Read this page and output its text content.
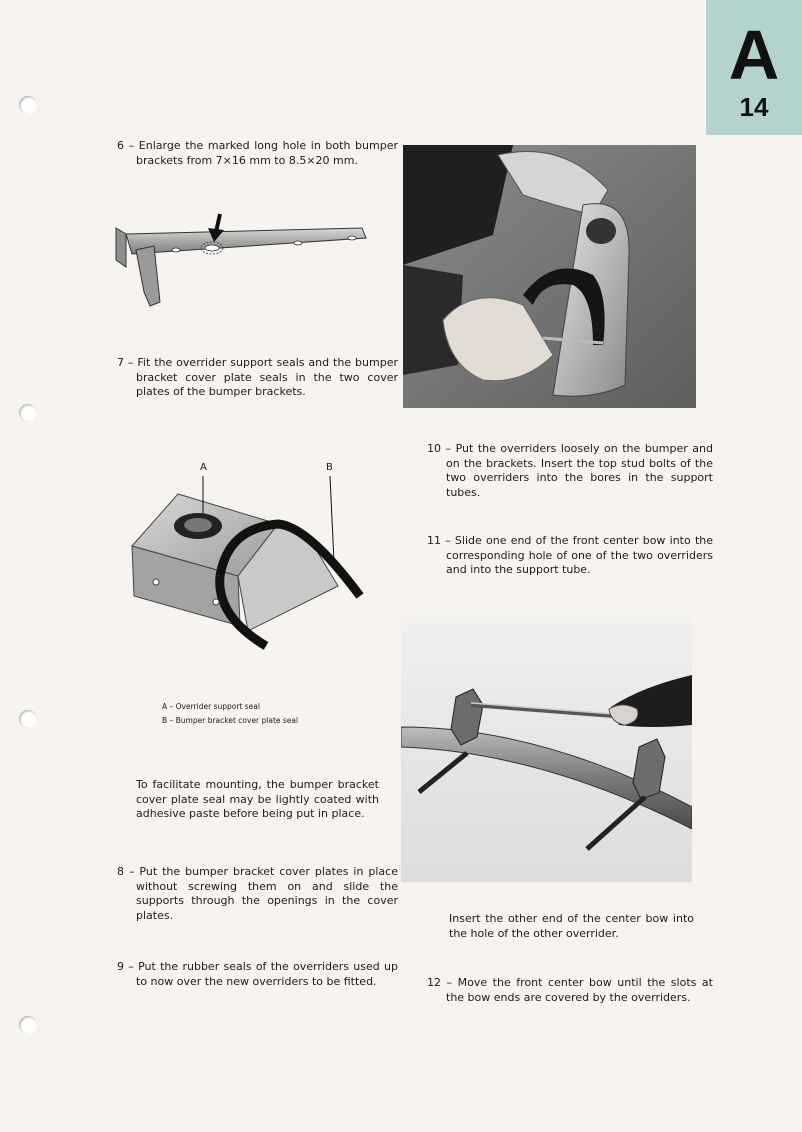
A
14
6 – Enlarge the marked long hole in both bumper brackets from 7×16 mm to 8.5×20 mm.
7 – Fit the overrider support seals and the bumper bracket cover plate seals in the two cover plates of the bumper brackets.
A	B
A – Overrider support seal
B – Bumper bracket cover plate seal
To facilitate mounting, the bumper bracket cover plate seal may be lightly coated with adhesive paste before being put in place.
8 – Put the bumper bracket cover plates in place without screwing them on and slide the supports through the openings in the cover plates.
9 – Put the rubber seals of the overriders used up to now over the new overriders to be fitted.
10 – Put the overriders loosely on the bumper and on the brackets. Insert the top stud bolts of the two overriders into the bores in the support tubes.
11 – Slide one end of the front center bow into the corresponding hole of one of the two overriders and into the support tube.
Insert the other end of the center bow into the hole of the other overrider.
12 – Move the front center bow until the slots at the bow ends are covered by the overriders.
